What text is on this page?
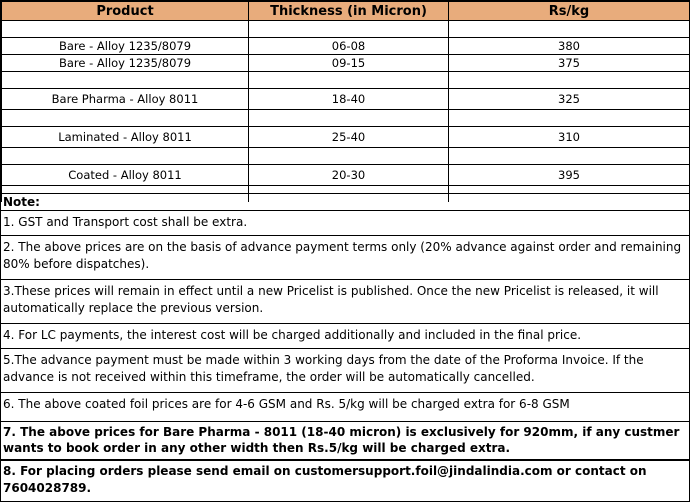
Product	Thickness (in Micron)	Rs/kg

Bare - Alloy 1235/8079	06-08	380
Bare - Alloy 1235/8079	09-15	375

Bare Pharma - Alloy 8011	18-40	325

Laminated - Alloy 8011	25-40	310

Coated - Alloy 8011	20-30	395

Note:
1. GST and Transport cost shall be extra.
2. The above prices are on the basis of advance payment terms only (20% advance against order and remaining 80% before dispatches).
3.These prices will remain in effect until a new Pricelist is published. Once the new Pricelist is released, it will automatically replace the previous version.
4. For LC payments, the interest cost will be charged additionally and included in the final price.
5.The advance payment must be made within 3 working days from the date of the Proforma Invoice. If the advance is not received within this timeframe, the order will be automatically cancelled.
6. The above coated foil prices are for 4-6 GSM and Rs. 5/kg will be charged extra for 6-8 GSM
7. The above prices for Bare Pharma - 8011 (18-40 micron) is exclusively for 920mm, if any custmer wants to book order in any other width then Rs.5/kg will be charged extra.
8. For placing orders please send email on customersupport.foil@jindalindia.com or contact on 7604028789.
